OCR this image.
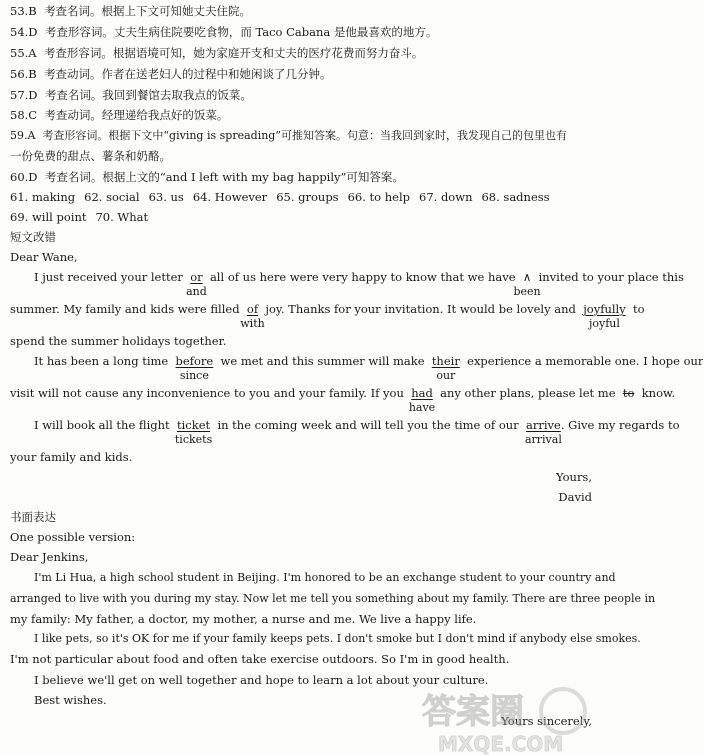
53.B 考查名词。根据上下文可知她丈夫住院。
54.D 考查形容词。丈夫生病住院要吃食物，而 Taco Cabana 是他最喜欢的地方。
55.A 考查形容词。根据语境可知，她为家庭开支和丈夫的医疗花费而努力奋斗。
56.B 考查动词。作者在送老妇人的过程中和她闲谈了几分钟。
57.D 考查名词。我回到餐馆去取我点的饭菜。
58.C 考查动词。经理递给我点好的饭菜。
59.A 考查形容词。根据下文中“giving is spreading”可推知答案。句意：当我回到家时，我发现自己的包里也有
一份免费的甜点、薯条和奶酪。
60.D 考查名词。根据上文的“and I left with my bag happily”可知答案。
61. making 62. social 63. us 64. However 65. groups 66. to help 67. down 68. sadness
69. will point 70. What
短文改错
Dear Wane,
I just received your letter or
and
all of us here were very happy to know that we have ∧
been
invited to your place this
summer. My family and kids were filled of
with
joy. Thanks for your invitation. It would be lovely and joyfully
joyful
to
spend the summer holidays together.
It has been a long time before
since
we met and this summer will make their
our
experience a memorable one. I hope our
visit will not cause any inconvenience to you and your family. If you had
have
any other plans, please let me to know.
I will book all the flight ticket
tickets
in the coming week and will tell you the time of our arrive
arrival
. Give my regards to
your family and kids.
Yours,
David
书面表达
One possible version:
Dear Jenkins,
I'm Li Hua, a high school student in Beijing. I'm honored to be an exchange student to your country and
arranged to live with you during my stay. Now let me tell you something about my family. There are three people in
my family: My father, a doctor, my mother, a nurse and me. We live a happy life.
I like pets, so it's OK for me if your family keeps pets. I don't smoke but I don't mind if anybody else smokes.
I'm not particular about food and often take exercise outdoors. So I'm in good health.
I believe we'll get on well together and hope to learn a lot about your culture.
Best wishes.
Yours sincerely,
答案圈
MXQE.COM
